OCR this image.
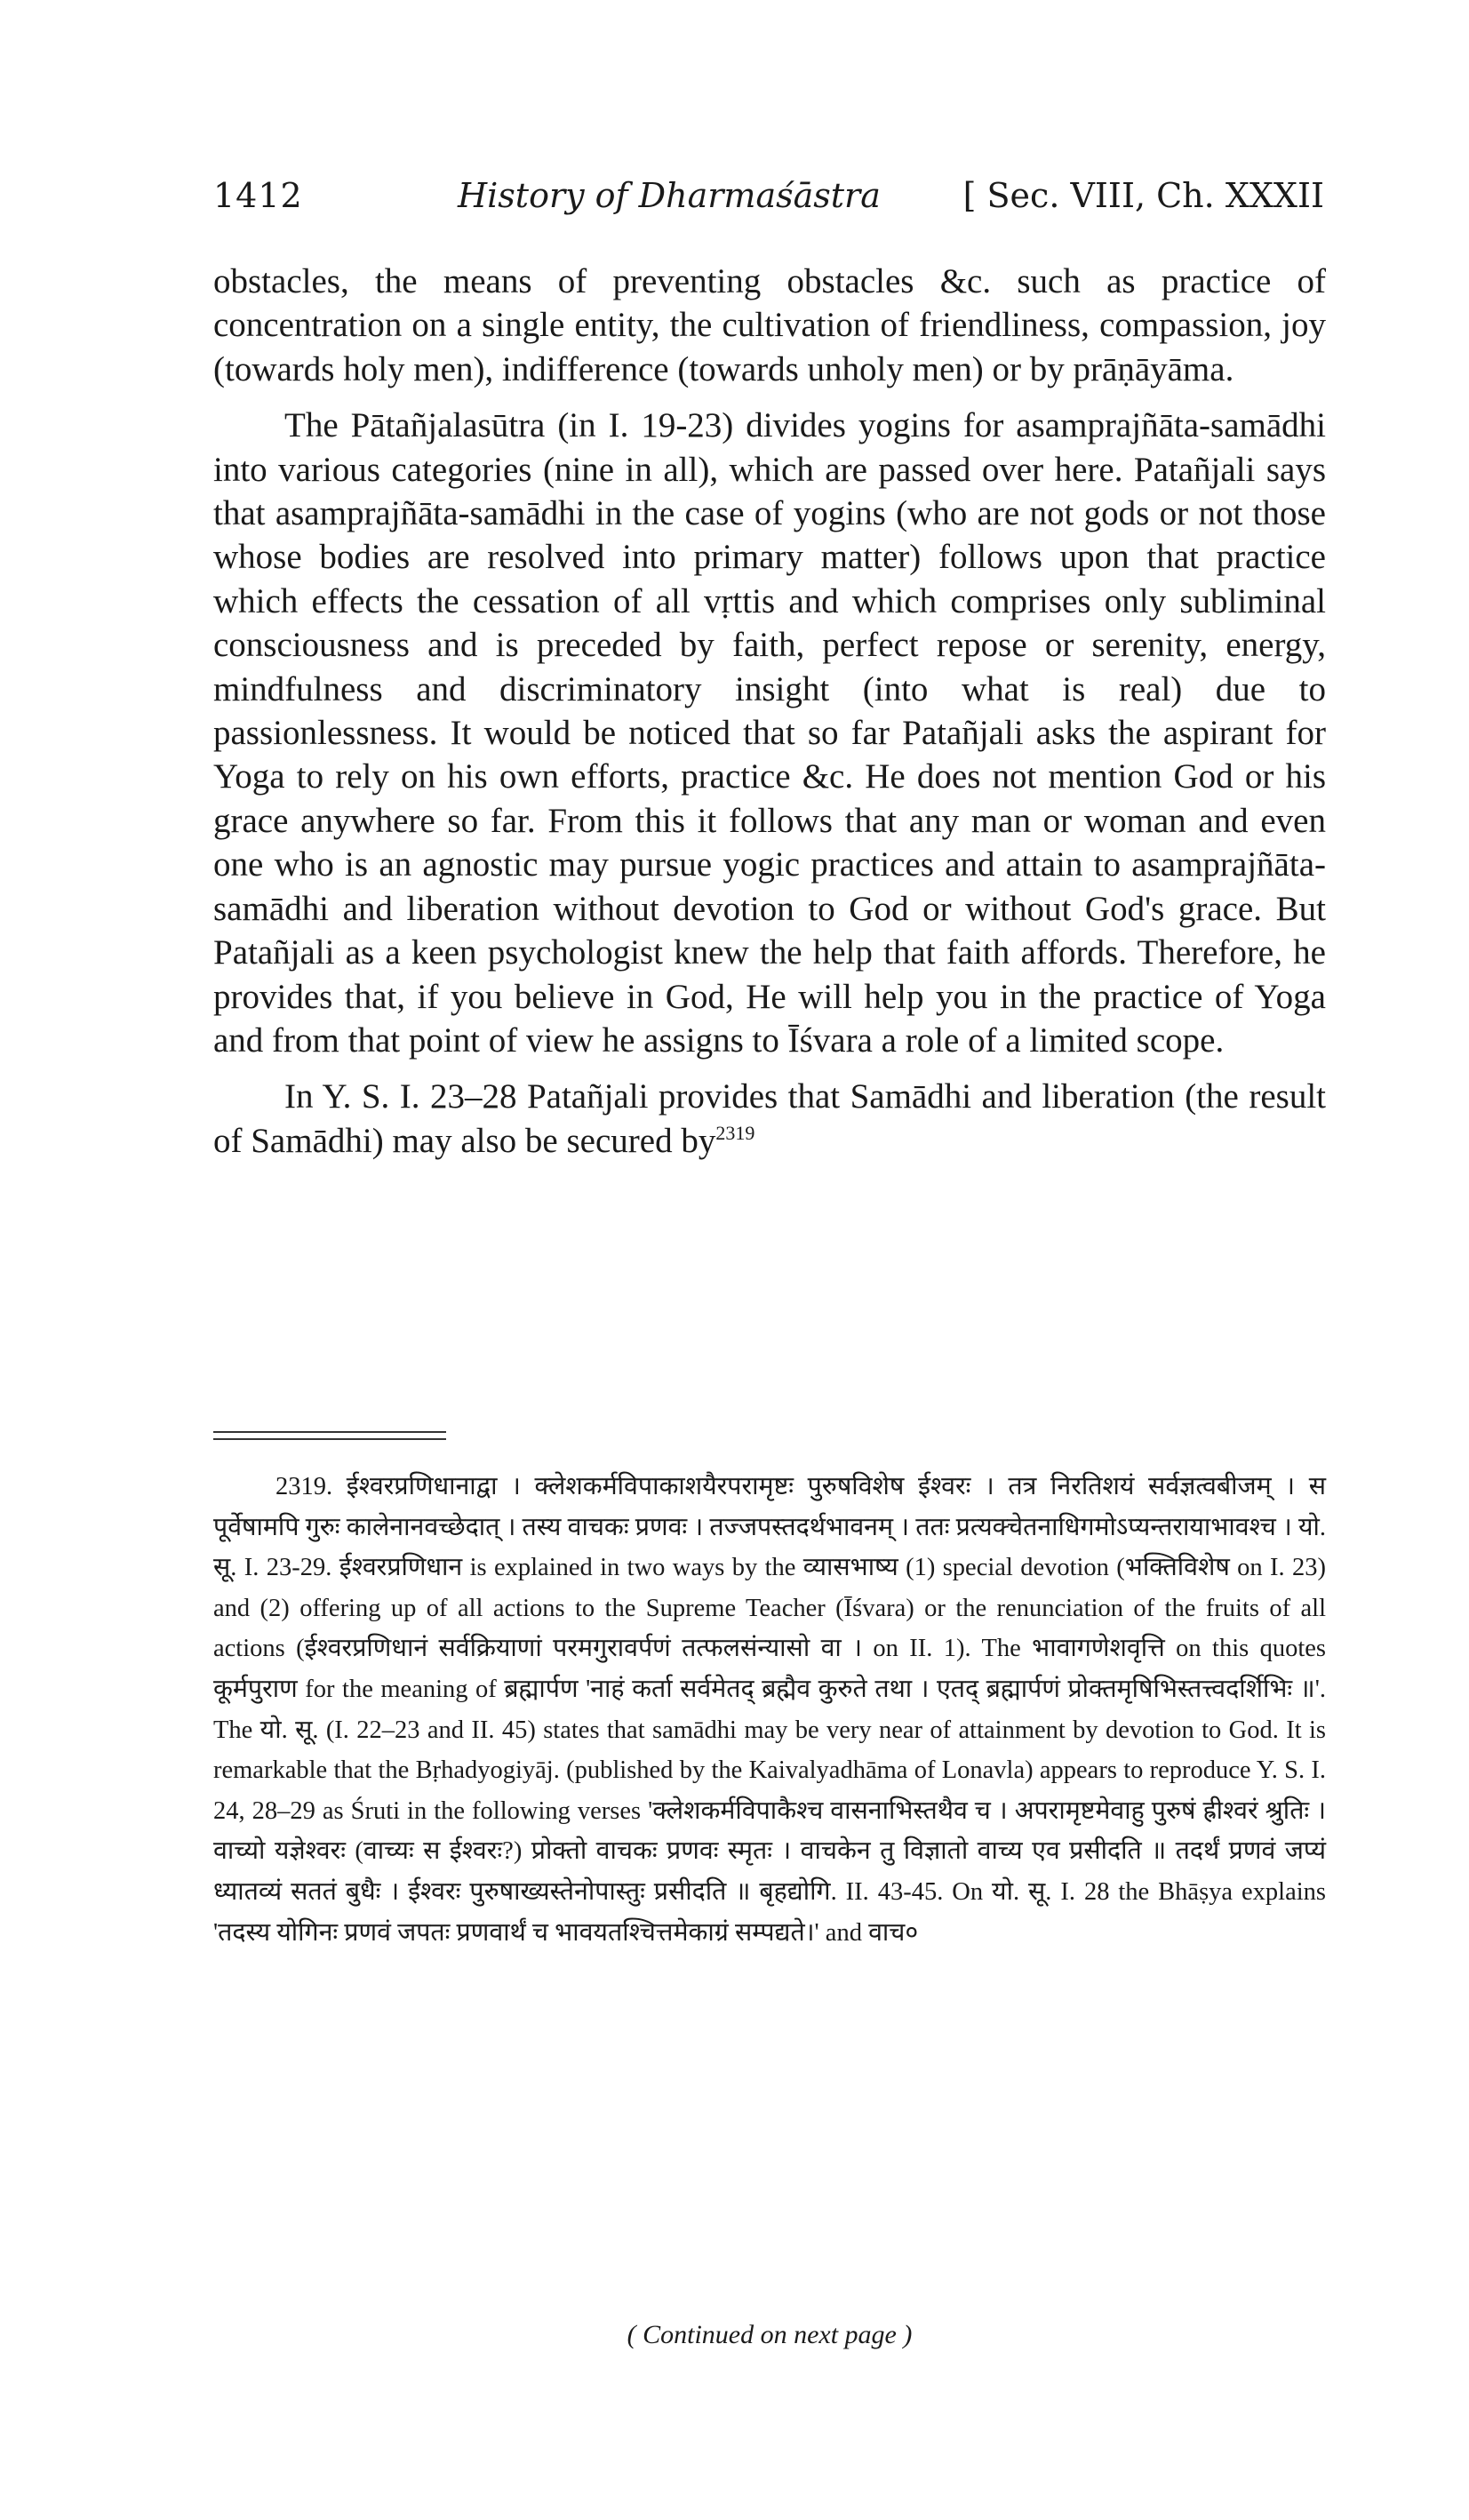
1412	History of Dharmaśāstra [ Sec. VIII, Ch. XXXII

obstacles, the means of preventing obstacles &c. such as practice of concentration on a single entity, the cultivation of friendliness, compassion, joy (towards holy men), indifference (towards unholy men) or by prāṇāyāma.

The Pātañjalasūtra (in I. 19-23) divides yogins for asamprajñāta-samādhi into various categories (nine in all), which are passed over here. Patañjali says that asamprajñāta-samādhi in the case of yogins (who are not gods or not those whose bodies are resolved into primary matter) follows upon that practice which effects the cessation of all vṛttis and which comprises only subliminal consciousness and is preceded by faith, perfect repose or serenity, energy, mindfulness and discriminatory insight (into what is real) due to passionlessness. It would be noticed that so far Patañjali asks the aspirant for Yoga to rely on his own efforts, practice &c. He does not mention God or his grace anywhere so far. From this it follows that any man or woman and even one who is an agnostic may pursue yogic practices and attain to asamprajñāta-samādhi and liberation without devotion to God or without God's grace. But Patañjali as a keen psychologist knew the help that faith affords. Therefore, he provides that, if you believe in God, He will help you in the practice of Yoga and from that point of view he assigns to Īśvara a role of a limited scope.

In Y. S. I. 23–28 Patañjali provides that Samādhi and liberation (the result of Samādhi) may also be secured $by^{2319}$

2319. ईश्वरप्रणिधानाद्वा । क्लेशकर्मविपाकाशयैरपरामृष्टः पुरुषविशेष ईश्वरः । तत्र निरतिशयं सर्वज्ञत्वबीजम् । स पूर्वेषामपि गुरुः कालेनानवच्छेदात् । तस्य वाचकः प्रणवः । तज्जपस्तदर्थभावनम् । ततः प्रत्यक्चेतनाधिगमोऽप्यन्तरायाभावश्च । यो. सू. I. 23-29. ईश्वरप्रणिधान is explained in two ways by the व्यासभाष्य (1) special devotion (भक्तिविशेष on I. 23) and (2) offering up of all actions to the Supreme Teacher (Īśvara) or the renunciation of the fruits of all actions (ईश्वरप्रणिधानं सर्वक्रियाणां परमगुरावर्पणं तत्फलसंन्यासो वा । on II. 1). The भावागणेशवृत्ति on this quotes कूर्मपुराण for the meaning of ब्रह्मार्पण 'नाहं कर्ता सर्वमेतद् ब्रह्मैव कुरुते तथा । एतद् ब्रह्मार्पणं प्रोक्तमृषिभिस्तत्त्वदर्शिभिः ॥'. The यो. सू. (I. 22–23 and II. 45) states that samādhi may be very near of attainment by devotion to God. It is remarkable that the Bṛhadyogiyāj. (published by the Kaivalyadhāma of Lonavla) appears to reproduce Y. S. I. 24, 28–29 as Śruti in the following verses 'क्लेशकर्मविपाकैश्च वासनाभिस्तथैव च । अपरामृष्टमेवाहु पुरुषं ह्रीश्वरं श्रुतिः । वाच्यो यज्ञेश्वरः (वाच्यः स ईश्वरः?) प्रोक्तो वाचकः प्रणवः स्मृतः । वाचकेन तु विज्ञातो वाच्य एव प्रसीदति ॥ तदर्थं प्रणवं जप्यं ध्यातव्यं सततं बुधैः । ईश्वरः पुरुषाख्यस्तेनोपास्तुः प्रसीदति ॥ बृहद्योगि. II. 43-45. On यो. सू. I. 28 the Bhāṣya explains 'तदस्य योगिनः प्रणवं जपतः प्रणवार्थं च भावयतश्चित्तमेकाग्रं सम्पद्यते।' and वाच०
( Continued on next page )
